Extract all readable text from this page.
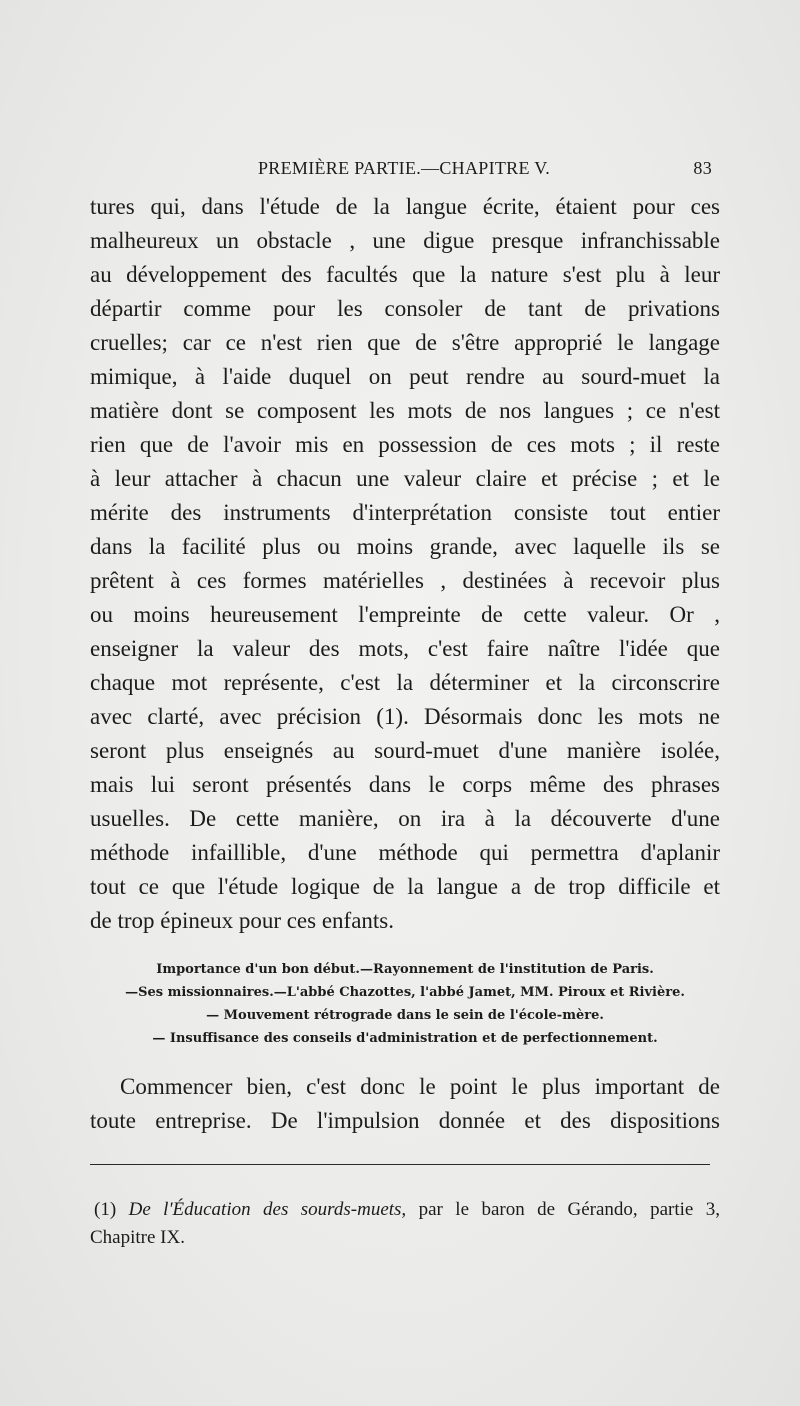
PREMIÈRE PARTIE.—CHAPITRE V.	83
tures qui, dans l'étude de la langue écrite, étaient pour ces
malheureux un obstacle , une digue presque infranchissable
au développement des facultés que la nature s'est plu à leur
départir comme pour les consoler de tant de privations
cruelles; car ce n'est rien que de s'être approprié le langage
mimique, à l'aide duquel on peut rendre au sourd-muet la
matière dont se composent les mots de nos langues ; ce n'est
rien que de l'avoir mis en possession de ces mots ; il reste
à leur attacher à chacun une valeur claire et précise ; et le
mérite des instruments d'interprétation consiste tout entier
dans la facilité plus ou moins grande, avec laquelle ils se
prêtent à ces formes matérielles , destinées à recevoir plus
ou moins heureusement l'empreinte de cette valeur. Or ,
enseigner la valeur des mots, c'est faire naître l'idée que
chaque mot représente, c'est la déterminer et la circonscrire
avec clarté, avec précision (1). Désormais donc les mots ne
seront plus enseignés au sourd-muet d'une manière isolée,
mais lui seront présentés dans le corps même des phrases
usuelles. De cette manière, on ira à la découverte d'une
méthode infaillible, d'une méthode qui permettra d'aplanir
tout ce que l'étude logique de la langue a de trop difficile et
de trop épineux pour ces enfants.
Importance d'un bon début.—Rayonnement de l'institution de Paris.
—Ses missionnaires.—L'abbé Chazottes, l'abbé Jamet, MM. Piroux et Rivière.
— Mouvement rétrograde dans le sein de l'école-mère.
— Insuffisance des conseils d'administration et de perfectionnement.
Commencer bien, c'est donc le point le plus important de
toute entreprise. De l'impulsion donnée et des dispositions
(1) De l'Éducation des sourds-muets, par le baron de Gérando, partie 3,
Chapitre IX.
